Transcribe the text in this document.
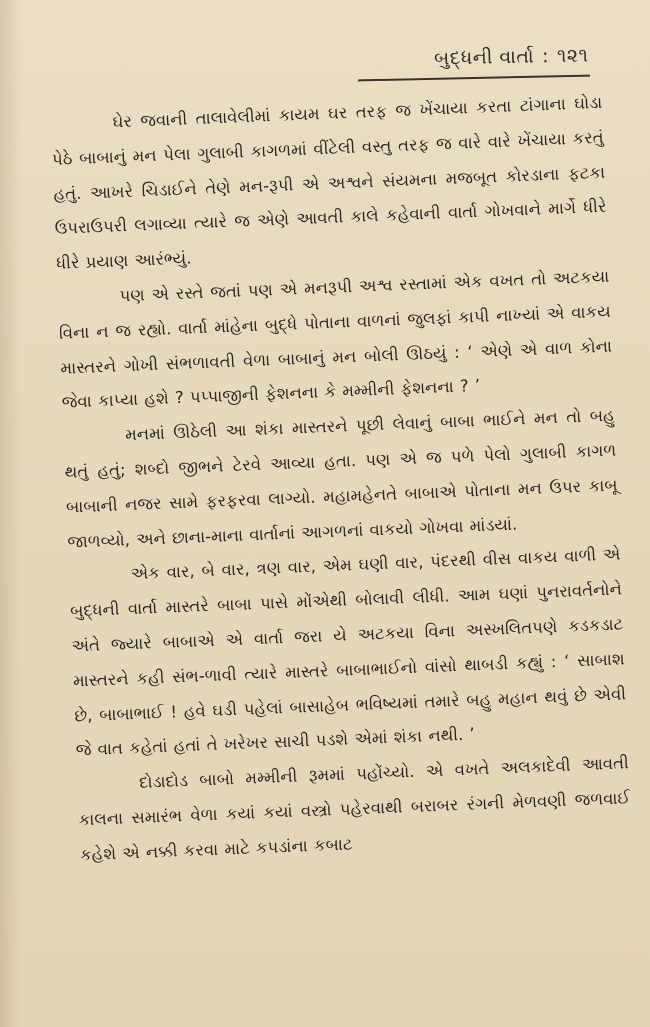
બુદ્ધની વાર્તા : ૧૨૧

ઘેર જવાની તાલાવેલીમાં કાયમ ઘર તરફ જ ખેંચાયા કરતા ટાંગાના ઘોડા પેઠે બાબાનું મન પેલા ગુલાબી કાગળમાં વીંટેલી વસ્તુ તરફ જ વારે વારે ખેંચાયા કરતું હતું. આખરે ચિડાઈને તેણે મન-રૂપી એ અશ્વને સંયમના મજબૂત કોરડાના ફટકા ઉપરાઉપરી લગાવ્યા ત્યારે જ એણે આવતી કાલે કહેવાની વાર્તા ગોખવાને માર્ગે ધીરે ધીરે પ્રયાણ આરંભ્યું.

પણ એ રસ્તે જતાં પણ એ મનરૂપી અશ્વ રસ્તામાં એક વખત તો અટકયા વિના ન જ રહ્યો. વાર્તા માંહેના બુદ્ધે પોતાના વાળનાં જુલફાં કાપી નાખ્યાં એ વાકય માસ્તરને ગોખી સંભળાવતી વેળા બાબાનું મન બોલી ઊઠયું : ‘ એણે એ વાળ કોના જેવા કાપ્યા હશે ? પપ્પાજીની ફેશનના કે મમ્મીની ફેશનના ? ’

મનમાં ઊઠેલી આ શંકા માસ્તરને પૂછી લેવાનું બાબા ભાઈને મન તો બહુ થતું હતું; શબ્દો જીભને ટેરવે આવ્યા હતા. પણ એ જ પળે પેલો ગુલાબી કાગળ બાબાની નજર સામે ફરફરવા લાગ્યો. મહામહેનતે બાબાએ પોતાના મન ઉપર કાબૂ જાળવ્યો, અને છાના-માના વાર્તાનાં આગળનાં વાકયો ગોખવા માંડયાં.

એક વાર, બે વાર, ત્રણ વાર, એમ ઘણી વાર, પંદરથી વીસ વાકય વાળી એ બુદ્ધની વાર્તા માસ્તરે બાબા પાસે મોંએથી બોલાવી લીધી. આમ ઘણાં પુનરાવર્તનોને અંતે જ્યારે બાબાએ એ વાર્તા જરા યે અટકયા વિના અસ્ખલિતપણે કડકડાટ માસ્તરને કહી સંભ-ળાવી ત્યારે માસ્તરે બાબાભાઈનો વાંસો થાબડી કહ્યું : ‘ સાબાશ છે, બાબાભાઈ ! હવે ઘડી પહેલાં બાસાહેબ ભવિષ્યમાં તમારે બહુ મહાન થવું છે એવી જે વાત કહેતાં હતાં તે ખરેખર સાચી પડશે એમાં શંકા નથી. ’

દોડાદોડ બાબો મમ્મીની રૂમમાં પહોંચ્યો. એ વખતે અલકાદેવી આવતી કાલના સમારંભ વેળા કયાં કયાં વસ્ત્રો પહેરવાથી બરાબર રંગની મેળવણી જળવાઈ કહેશે એ નક્કી કરવા માટે કપડાંના કબાટ
